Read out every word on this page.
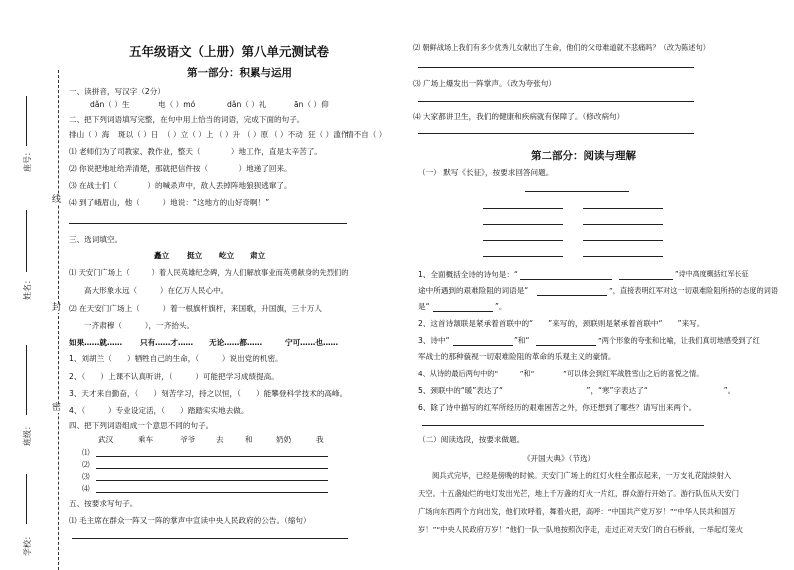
线
封
密
座号：
姓名：
班级：
学校：
五年级语文（上册）第八单元测试卷
第一部分：积累与运用
一、读拼音，写汉字（2分）
dǎn（ ）生	电（ ）mó	dǎn（ ）礼	ān（ ）仰
二、把下列词语填写完整，在句中用上恰当的词语，完成下面的句子。
排山（ ）海 斑以（ ）日 （ ）立（ ）上 （ ）升 （ ）原 （ ）不动 狂（ ）滥作
情不自（ ）
⑴ 老师们为了司教家、教作业，整天（　　　　）地工作，直是太辛苦了。
⑵ 你说把地址给弄清楚，那就把信件按（　　　　）地递了回来。
⑶ 在战士们（　　　　）的喊杀声中，敌人丢掉阵地狼狈逃窜了。
⑷ 到了峨眉山，他（　　　）地说：“这地方的山好奇啊！”
三、选词填空。
矗立 挺立 屹立 肃立
⑴ 天安门广场上（　　　）着人民英雄纪念碑，为人们解放事业而英勇献身的先烈们的
高大形象永远（　　　）在亿万人民心中。
⑵ 在天安门广场上（　　　）着一根旗杆旗杆，来国歌，升国旗，三十万人
一齐肃穆（　　　），一齐抬头。
如果……就…… 只有……才…… 无论……都……	宁可……也……
1、刘胡兰（　　）牺牲自己的生命，（　　　）说出党的机密。
2、（　　）上课不认真听讲，（　　　）可能把学习成绩提高。
3、天才来自勤奋，（　　）刻苦学习，持之以恒，（　　）能攀登科学技术的高峰。
4、（　　　）专业设定活，（　　）踏踏实实地去做。
四、把下列词语组成一个意思不同的句子。
武汉	乘车	爷爷	去	和	奶奶	我
⑴
⑵
⑶
⑷
五、按要求写句子。
⑴ 毛主席在群众一阵又一阵的掌声中宣读中央人民政府的公告。（缩句）
⑵ 朝鲜战场上我们有多少优秀儿女献出了生命，他们的父母难道就不悲痛吗？（改为陈述句）
⑶ 广场上爆发出一阵掌声。（改为夸张句）
⑷ 大家都讲卫生，我们的健康和疾病就有保障了。（修改病句）
第二部分：阅读与理解
（一） 默写《长征》，按要求回答问题。
1、全面概括全诗的诗句是：“	”诗中高度概括红军长征
途中所遇到的艰难险阻的词语是“	”，直接表明红军对这一切艰难险阻所持的态度的词语
是“	”。
2、这首诗颔联是紧承着首联中的“　　”来写的，颈联则是紧承着首联中“　　”来写。
3、诗中“	”和“	”两个形象的夸张和比喻，让我们真切地感受到了红
军战士的那种藐视一切艰难险阻的革命的乐观主义的豪情。
4、从诗的最后两句中的“　　　”和“　　　　”可以体会到红军战胜雪山之后的喜悦之情。
5、颈联中的“暖”表达了“　　　　　　　　　　　”，“寒”字表达了“　　　　　　　　　　”。
6、除了诗中描写的红军所经历的艰难困苦之外，你还想到了哪些？请写出来两个。
（二）阅读选段，按要求做题。
《开国大典》（节选）
阅兵式完毕，已经是傍晚的时候。天安门广场上的红灯火柱全都点起来，一万支礼花陆续射入
天空。十五盏灿烂的电灯发出光芒，地上千万盏的灯火一片红，群众游行开始了。游行队伍从天安门
广场向东西两个方向出发，他们欢呼着，舞着火把，高呼：“中国共产党万岁！”“中华人民共和国万
岁！”“中央人民政府万岁！”他们一队一队地按照次序走，走过正对天安门的白石桥前，一举起灯笼火
